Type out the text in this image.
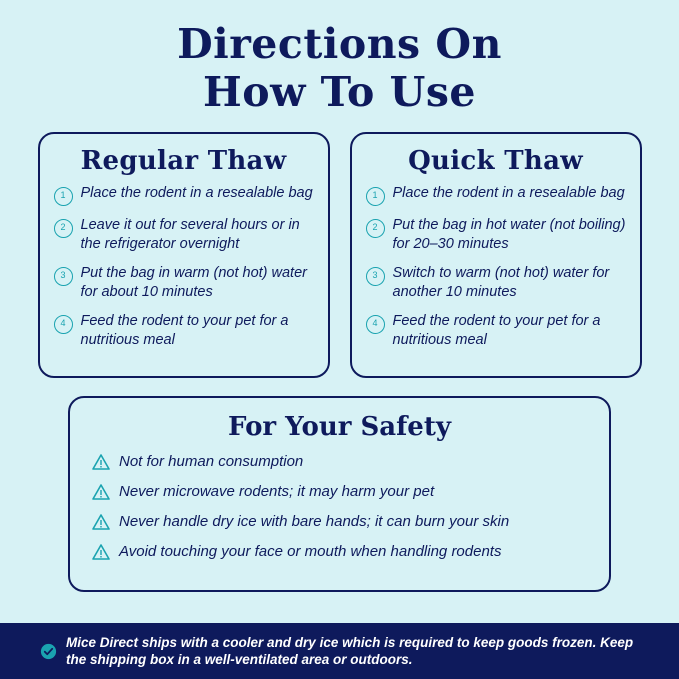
Directions On
How To Use
Regular Thaw
1	Place the rodent in a resealable bag
2	Leave it out for several hours or in the refrigerator overnight
3	Put the bag in warm (not hot) water for about 10 minutes
4	Feed the rodent to your pet for a nutritious meal
Quick Thaw
1	Place the rodent in a resealable bag
2	Put the bag in hot water (not boiling) for 20–30 minutes
3	Switch to warm (not hot) water for another 10 minutes
4	Feed the rodent to your pet for a nutritious meal
For Your Safety
Not for human consumption
Never microwave rodents; it may harm your pet
Never handle dry ice with bare hands; it can burn your skin
Avoid touching your face or mouth when handling rodents
Mice Direct ships with a cooler and dry ice which is required to keep goods frozen. Keep the shipping box in a well-ventilated area or outdoors.
